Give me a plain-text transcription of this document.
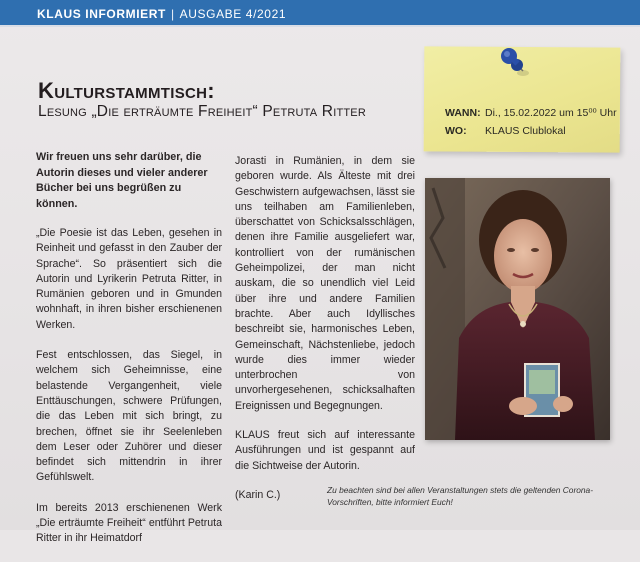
KLAUS INFORMIERT | AUSGABE 4/2021
Kulturstammtisch:
Lesung „Die erträumte Freiheit“ Petruta Ritter	WANN: Di., 15.02.2022 um 15⁰⁰ Uhr
WO: KLAUS Clublokal

Wir freuen uns sehr darüber, die Autorin dieses und vieler anderer Bücher bei uns begrüßen zu können.

„Die Poesie ist das Leben, gesehen in Reinheit und gefasst in den Zauber der Sprache“. So präsentiert sich die Autorin und Lyrikerin Petruta Ritter, in Rumänien geboren und in Gmunden wohnhaft, in ihren bisher erschienenen Werken.

Fest entschlossen, das Siegel, in welchem sich Geheimnisse, eine belastende Vergangenheit, viele Enttäuschungen, schwere Prüfungen, die das Leben mit sich bringt, zu brechen, öffnet sie ihr Seelenleben dem Leser oder Zuhörer und dieser befindet sich mittendrin in ihrer Gefühlswelt.

Im bereits 2013 erschienenen Werk „Die erträumte Freiheit“ entführt Petruta Ritter in ihr Heimatdorf

Jorasti in Rumänien, in dem sie geboren wurde. Als Älteste mit drei Geschwistern aufgewachsen, lässt sie uns teilhaben am Familienleben, überschattet von Schicksalsschlägen, denen ihre Familie ausgeliefert war, kontrolliert von der rumänischen Geheimpolizei, der man nicht auskam, die so unendlich viel Leid über ihre und andere Familien brachte. Aber auch Idyllisches beschreibt sie, harmonisches Leben, Gemeinschaft, Nächstenliebe, jedoch wurde dies immer wieder unterbrochen von unvorhergesehenen, schicksalhaften Ereignissen und Begegnungen.

KLAUS freut sich auf interessante Ausführungen und ist gespannt auf die Sichtweise der Autorin.

(Karin C.)	Zu beachten sind bei allen Veranstaltungen stets die geltenden Corona-Vorschriften, bitte informiert Euch!
